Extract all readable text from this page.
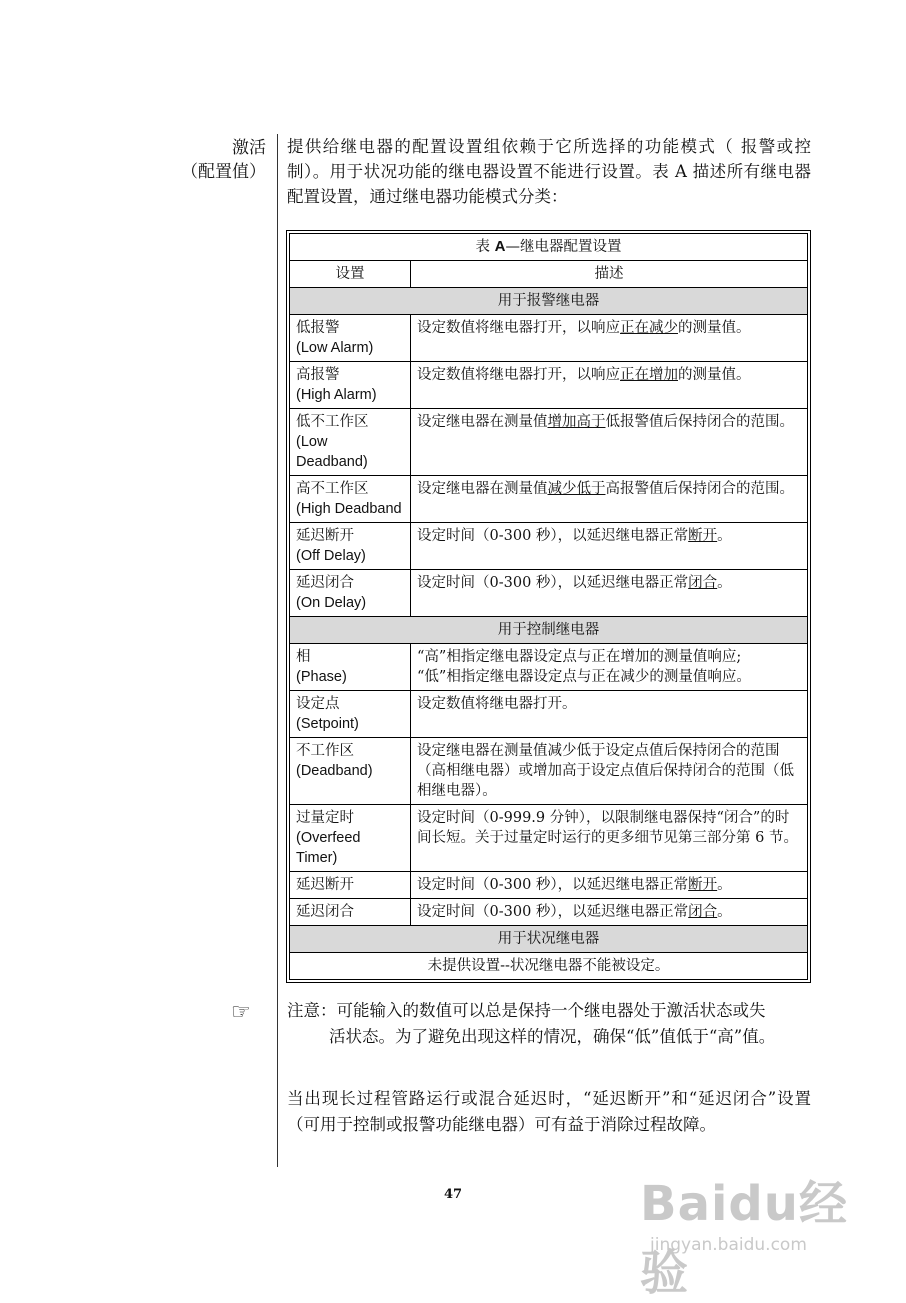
激活
（配置值）
提供给继电器的配置设置组依赖于它所选择的功能模式（ 报警或控制）。用于状况功能的继电器设置不能进行设置。表 A 描述所有继电器配置设置，通过继电器功能模式分类：
表 A—继电器配置设置	
设置	描述
用于报警继电器	
低报警
(Low Alarm)	设定数值将继电器打开，以响应正在减少的测量值。
高报警
(High Alarm)	设定数值将继电器打开，以响应正在增加的测量值。
低不工作区
(Low
Deadband)	设定继电器在测量值增加高于低报警值后保持闭合的范围。
高不工作区
(High Deadband	设定继电器在测量值减少低于高报警值后保持闭合的范围。
延迟断开
(Off Delay)	设定时间（0-300 秒），以延迟继电器正常断开。
延迟闭合
(On Delay)	设定时间（0-300 秒），以延迟继电器正常闭合。
用于控制继电器	
相
(Phase)	“高”相指定继电器设定点与正在增加的测量值响应;
“低”相指定继电器设定点与正在减少的测量值响应。
设定点
(Setpoint)	设定数值将继电器打开。
不工作区
(Deadband)	设定继电器在测量值减少低于设定点值后保持闭合的范围（高相继电器）或增加高于设定点值后保持闭合的范围（低相继电器）。
过量定时
(Overfeed
Timer)	设定时间（0-999.9 分钟），以限制继电器保持“闭合”的时间长短。关于过量定时运行的更多细节见第三部分第 6 节。
延迟断开	设定时间（0-300 秒），以延迟继电器正常断开。
延迟闭合	设定时间（0-300 秒），以延迟继电器正常闭合。
用于状况继电器	
未提供设置--状况继电器不能被设定。	
☞ 注意：可能输入的数值可以总是保持一个继电器处于激活状态或失
活状态。为了避免出现这样的情况，确保“低”值低于“高”值。
当出现长过程管路运行或混合延迟时，“延迟断开”和“延迟闭合”设置（可用于控制或报警功能继电器）可有益于消除过程故障。
47	Baidu经验
jingyan.baidu.com
